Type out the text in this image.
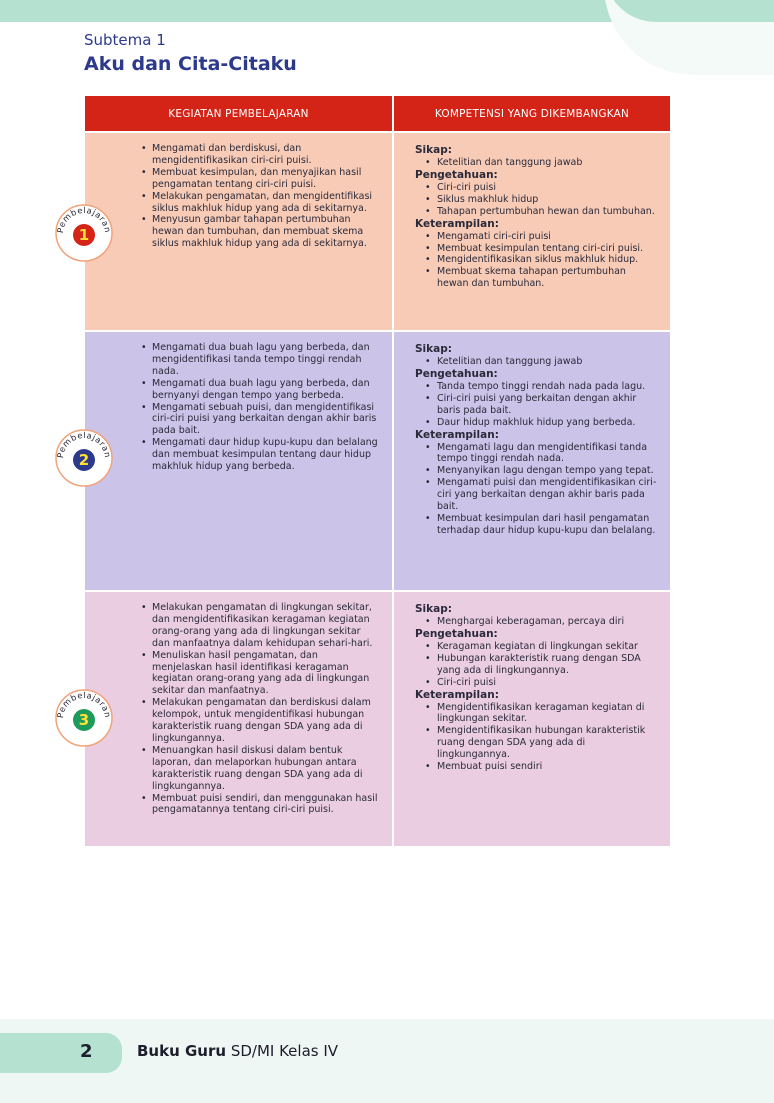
Subtema 1
Aku dan Cita-Citaku
KEGIATAN PEMBELAJARAN	KOMPETENSI YANG DIKEMBANGKAN
Pembelajaran
1
• Mengamati dan berdiskusi, dan mengidentifikasikan ciri-ciri puisi.
• Membuat kesimpulan, dan menyajikan hasil pengamatan tentang ciri-ciri puisi.
• Melakukan pengamatan, dan mengidentifikasi siklus makhluk hidup yang ada di sekitarnya.
• Menyusun gambar tahapan pertumbuhan hewan dan tumbuhan, dan membuat skema siklus makhluk hidup yang ada di sekitarnya.
Sikap:
• Ketelitian dan tanggung jawab
Pengetahuan:
• Ciri-ciri puisi
• Siklus makhluk hidup
• Tahapan pertumbuhan hewan dan tumbuhan.
Keterampilan:
• Mengamati ciri-ciri puisi
• Membuat kesimpulan tentang ciri-ciri puisi.
• Mengidentifikasikan siklus makhluk hidup.
• Membuat skema tahapan pertumbuhan hewan dan tumbuhan.
Pembelajaran
2
• Mengamati dua buah lagu yang berbeda, dan mengidentifikasi tanda tempo tinggi rendah nada.
• Mengamati dua buah lagu yang berbeda, dan bernyanyi dengan tempo yang berbeda.
• Mengamati sebuah puisi, dan mengidentifikasi ciri-ciri puisi yang berkaitan dengan akhir baris pada bait.
• Mengamati daur hidup kupu-kupu dan belalang dan membuat kesimpulan tentang daur hidup makhluk hidup yang berbeda.
Sikap:
• Ketelitian dan tanggung jawab
Pengetahuan:
• Tanda tempo tinggi rendah nada pada lagu.
• Ciri-ciri puisi yang berkaitan dengan akhir baris pada bait.
• Daur hidup makhluk hidup yang berbeda.
Keterampilan:
• Mengamati lagu dan mengidentifikasi tanda tempo tinggi rendah nada.
• Menyanyikan lagu dengan tempo yang tepat.
• Mengamati puisi dan mengidentifikasikan ciri-ciri yang berkaitan dengan akhir baris pada bait.
• Membuat kesimpulan dari hasil pengamatan terhadap daur hidup kupu-kupu dan belalang.
Pembelajaran
3
• Melakukan pengamatan di lingkungan sekitar, dan mengidentifikasikan keragaman kegiatan orang-orang yang ada di lingkungan sekitar dan manfaatnya dalam kehidupan sehari-hari.
• Menuliskan hasil pengamatan, dan menjelaskan hasil identifikasi keragaman kegiatan orang-orang yang ada di lingkungan sekitar dan manfaatnya.
• Melakukan pengamatan dan berdiskusi dalam kelompok, untuk mengidentifikasi hubungan karakteristik ruang dengan SDA yang ada di lingkungannya.
• Menuangkan hasil diskusi dalam bentuk laporan, dan melaporkan hubungan antara karakteristik ruang dengan SDA yang ada di lingkungannya.
• Membuat puisi sendiri, dan menggunakan hasil pengamatannya tentang ciri-ciri puisi.
Sikap:
• Menghargai keberagaman, percaya diri
Pengetahuan:
• Keragaman kegiatan di lingkungan sekitar
• Hubungan karakteristik ruang dengan SDA yang ada di lingkungannya.
• Ciri-ciri puisi
Keterampilan:
• Mengidentifikasikan keragaman kegiatan di lingkungan sekitar.
• Mengidentifikasikan hubungan karakteristik ruang dengan SDA yang ada di lingkungannya.
• Membuat puisi sendiri
2	Buku Guru SD/MI Kelas IV
